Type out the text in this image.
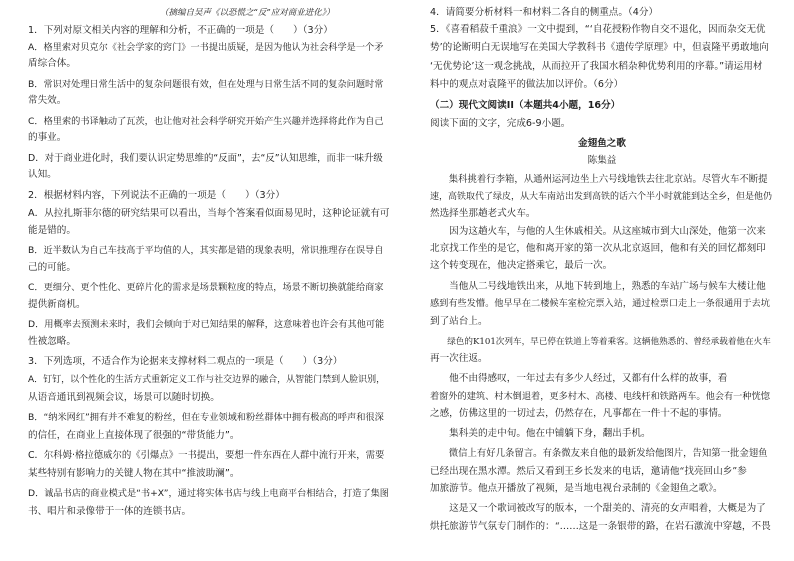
（摘编自吴声《以恐慌之“反”应对商业进化》）
1．下列对原文相关内容的理解和分析，不正确的一项是（　　）（3分）
A．格里索对贝克尔《社会学家的窍门》一书提出质疑，是因为他认为社会科学是一个矛
盾综合体。
B．常识对处理日常生活中的复杂问题很有效，但在处理与日常生活不同的复杂问题时常
常失效。
C．格里索的书译触动了瓦茨，也让他对社会科学研究开始产生兴趣并选择将此作为自己
的事业。
D．对于商业进化时，我们要认识定势思维的“反面”，去“反”认知思维，而非一味升级
认知。
2．根据材料内容，下列说法不正确的一项是（　　）（3分）
A．从拉扎斯菲尔德的研究结果可以看出，当每个答案看似面易见时，这种论证就有可
能是错的。
B．近半数认为自己车技高于平均值的人，其实都是错的现象表明，常识推理存在误导自
己的可能。
C．更细分、更个性化、更碎片化的需求是场景颗粒度的特点，场景不断切换就能给商家
提供新商机。
D．用概率去预测未来时，我们会倾向于对已知结果的解释，这意味着也许会有其他可能
性被忽略。
3．下列选项，不适合作为论据来支撑材料二观点的一项是（　　）（3分）
A．钉钉，以个性化的生活方式重新定义工作与社交边界的融合，从智能门禁到人脸识别，
从语音通讯到视频会议，场景可以随时切换。
B．“纳米网红”拥有并不难复的粉丝，但在专业领域和粉丝群体中拥有极高的呼声和很深
的信任，在商业上直接体现了很强的“带货能力”。
C．尔科姆·格拉德威尔的《引爆点》一书提出，要想一件东西在人群中流行开来，需要
某些特别有影响力的关键人物在其中“推波助澜”。
D．诚品书店的商业模式是“书+X”，通过将实体书店与线上电商平台相结合，打造了集图
书、唱片和录像带于一体的连锁书店。
4．请简要分析材料一和材料二各自的侧重点。（4分）
5．《喜看稻菽千重浪》一文中提到，“‘自花授粉作物自交不退化，因而杂交无优
势’的论断明白无误地写在美国大学教科书《遗传学原理》中，但袁隆平勇敢地向
‘无优势论’这一观念挑战，从而拉开了我国水稻杂种优势利用的序幕。”请运用材
料中的观点对袁隆平的做法加以评价。（6分）
（二）现代文阅读II（本题共4小题，16分）
阅读下面的文字，完成6-9小题。
金翅鱼之歌
陈集益
　　集科挑着行李箱，从通州运河边坐上六号线地铁去往北京站。尽管火车不断提
速，高铁取代了绿皮，从大车南站出发到高铁的话六个半小时就能到达全乡，但是他仍
然选择坐那趟老式火车。
　　因为这趟火车，与他的人生休戚相关。从这座城市到大山深处，他第一次来
北京找工作坐的是它，他和离开家的第一次从北京返回，他和有关的回忆都刻印
这个转变现在，他决定搭乘它，最后一次。
　　当他从二号线地铁出来，从地下转到地上，熟悉的车站广场与候车大楼让他
感到有些发懵。他早早在二楼候车室检完票入站，通过检票口走上一条很通用于去坑
到了站台上。
　　绿色的K101次列车，早已停在铁道上等着乘客。这辆他熟悉的、曾经承载着他在火车
再一次往返。
　　他不由得感叹，一年过去有多少人经过，又都有什么样的故事，看
着窗外的建筑、村木倒退着，更多村木、高楼、电线杆和铁路两车。他会有一种恍惚
之感，仿佛这里的一切过去，仍然存在，凡事都在一件十不起的事情。
　　集科美的走中旬。他在中铺躺下身，翻出手机。
　　微信上有好几条留言。有条微友来自他的最新发给他图片，告知第一批金翅鱼
已经出现在黑水潭。然后又看到王乡长发来的电话，邀请他“找亮回山乡”参
加旅游节。他点开播放了视频，是当地电视台录制的《金翅鱼之歌》。
　　这是又一个歌词被改写的版本，一个甜美的、清亮的女声唱着，大概是为了
烘托旅游节气氛专门制作的：“……这是一条银带的路，在岩石激流中穿越，不畏
